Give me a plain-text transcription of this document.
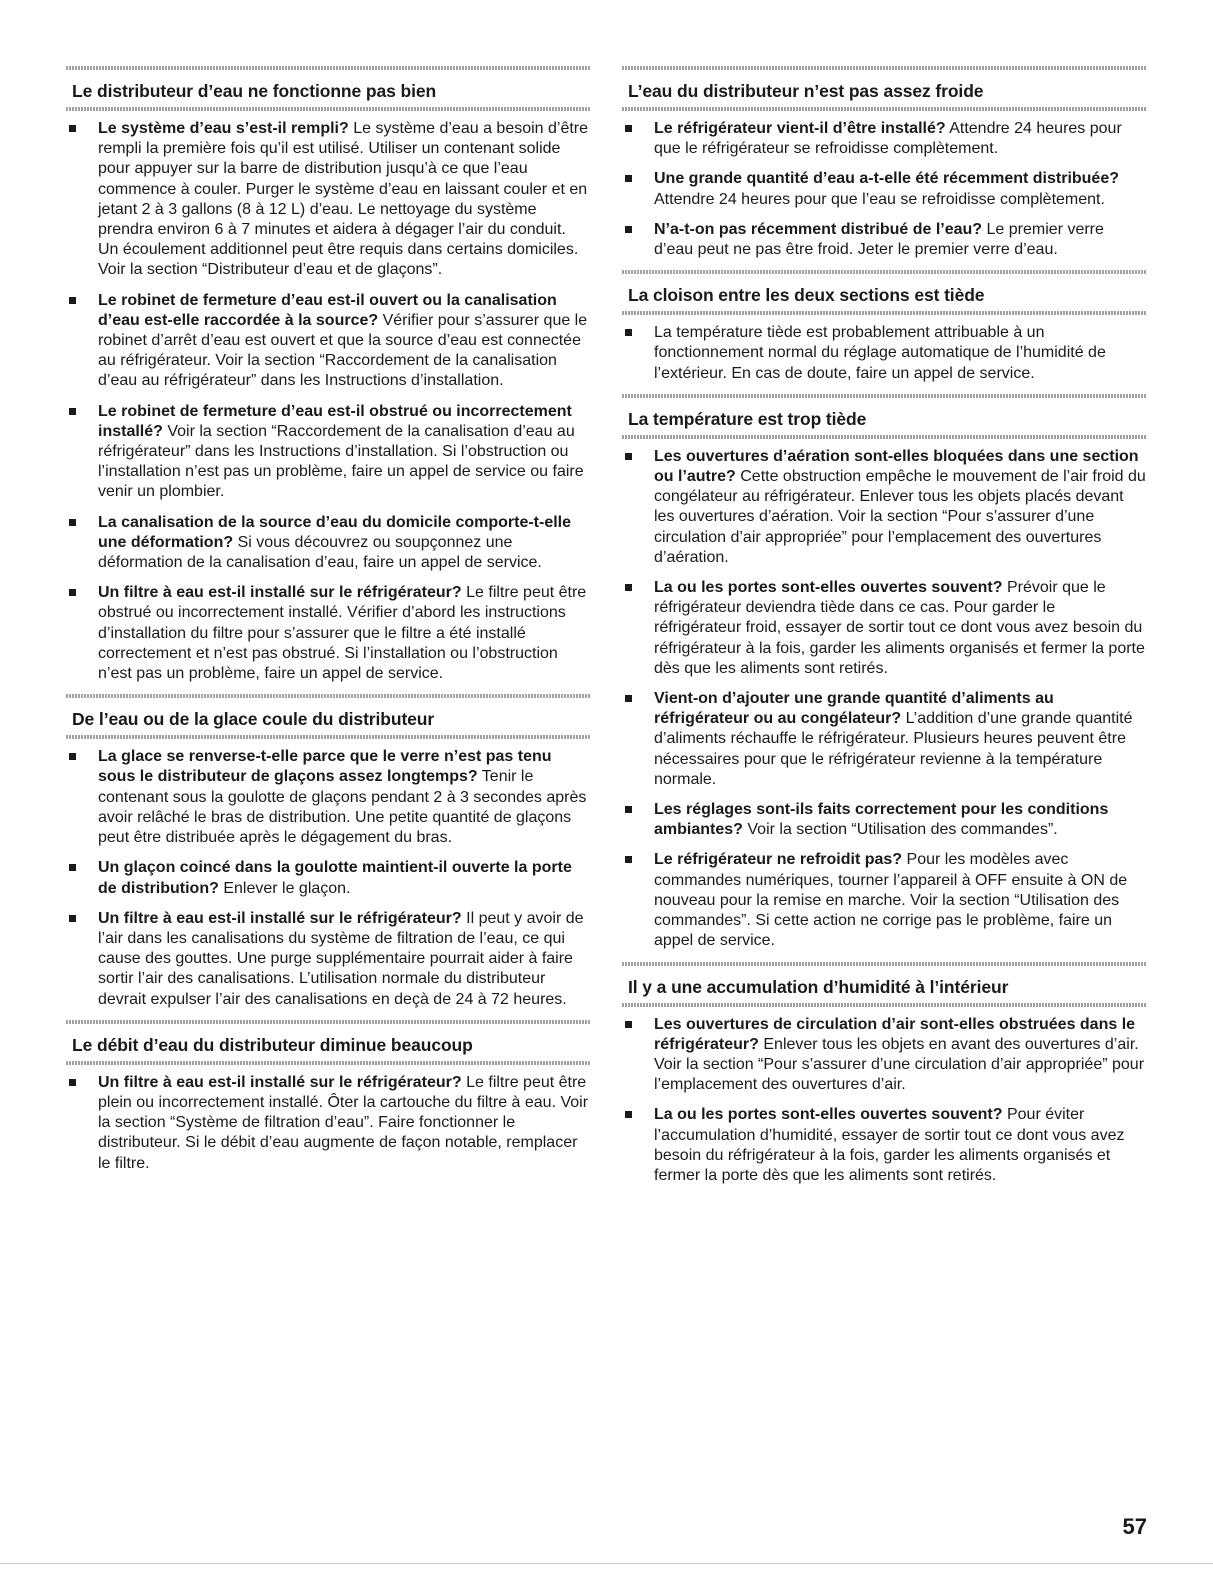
Le distributeur d’eau ne fonctionne pas bien
Le système d’eau s’est-il rempli? Le système d’eau a besoin d’être rempli la première fois qu’il est utilisé. Utiliser un contenant solide pour appuyer sur la barre de distribution jusqu’à ce que l’eau commence à couler. Purger le système d’eau en laissant couler et en jetant 2 à 3 gallons (8 à 12 L) d’eau. Le nettoyage du système prendra environ 6 à 7 minutes et aidera à dégager l’air du conduit. Un écoulement additionnel peut être requis dans certains domiciles. Voir la section “Distributeur d’eau et de glaçons”.
Le robinet de fermeture d’eau est-il ouvert ou la canalisation d’eau est-elle raccordée à la source? Vérifier pour s’assurer que le robinet d’arrêt d’eau est ouvert et que la source d’eau est connectée au réfrigérateur. Voir la section “Raccordement de la canalisation d’eau au réfrigérateur” dans les Instructions d’installation.
Le robinet de fermeture d’eau est-il obstrué ou incorrectement installé? Voir la section “Raccordement de la canalisation d’eau au réfrigérateur” dans les Instructions d’installation. Si l’obstruction ou l’installation n’est pas un problème, faire un appel de service ou faire venir un plombier.
La canalisation de la source d’eau du domicile comporte-t-elle une déformation? Si vous découvrez ou soupçonnez une déformation de la canalisation d’eau, faire un appel de service.
Un filtre à eau est-il installé sur le réfrigérateur? Le filtre peut être obstrué ou incorrectement installé. Vérifier d’abord les instructions d’installation du filtre pour s’assurer que le filtre a été installé correctement et n’est pas obstrué. Si l’installation ou l’obstruction n’est pas un problème, faire un appel de service.
De l’eau ou de la glace coule du distributeur
La glace se renverse-t-elle parce que le verre n’est pas tenu sous le distributeur de glaçons assez longtemps? Tenir le contenant sous la goulotte de glaçons pendant 2 à 3 secondes après avoir relâché le bras de distribution. Une petite quantité de glaçons peut être distribuée après le dégagement du bras.
Un glaçon coincé dans la goulotte maintient-il ouverte la porte de distribution? Enlever le glaçon.
Un filtre à eau est-il installé sur le réfrigérateur? Il peut y avoir de l’air dans les canalisations du système de filtration de l’eau, ce qui cause des gouttes. Une purge supplémentaire pourrait aider à faire sortir l’air des canalisations. L’utilisation normale du distributeur devrait expulser l’air des canalisations en deçà de 24 à 72 heures.
Le débit d’eau du distributeur diminue beaucoup
Un filtre à eau est-il installé sur le réfrigérateur? Le filtre peut être plein ou incorrectement installé. Ôter la cartouche du filtre à eau. Voir la section “Système de filtration d’eau”. Faire fonctionner le distributeur. Si le débit d’eau augmente de façon notable, remplacer le filtre.
L’eau du distributeur n’est pas assez froide
Le réfrigérateur vient-il d’être installé? Attendre 24 heures pour que le réfrigérateur se refroidisse complètement.
Une grande quantité d’eau a-t-elle été récemment distribuée? Attendre 24 heures pour que l’eau se refroidisse complètement.
N’a-t-on pas récemment distribué de l’eau? Le premier verre d’eau peut ne pas être froid. Jeter le premier verre d’eau.
La cloison entre les deux sections est tiède
La température tiède est probablement attribuable à un fonctionnement normal du réglage automatique de l’humidité de l’extérieur. En cas de doute, faire un appel de service.
La température est trop tiède
Les ouvertures d’aération sont-elles bloquées dans une section ou l’autre? Cette obstruction empêche le mouvement de l’air froid du congélateur au réfrigérateur. Enlever tous les objets placés devant les ouvertures d’aération. Voir la section “Pour s’assurer d’une circulation d’air appropriée” pour l’emplacement des ouvertures d’aération.
La ou les portes sont-elles ouvertes souvent? Prévoir que le réfrigérateur deviendra tiède dans ce cas. Pour garder le réfrigérateur froid, essayer de sortir tout ce dont vous avez besoin du réfrigérateur à la fois, garder les aliments organisés et fermer la porte dès que les aliments sont retirés.
Vient-on d’ajouter une grande quantité d’aliments au réfrigérateur ou au congélateur? L’addition d’une grande quantité d’aliments réchauffe le réfrigérateur. Plusieurs heures peuvent être nécessaires pour que le réfrigérateur revienne à la température normale.
Les réglages sont-ils faits correctement pour les conditions ambiantes? Voir la section “Utilisation des commandes”.
Le réfrigérateur ne refroidit pas? Pour les modèles avec commandes numériques, tourner l’appareil à OFF ensuite à ON de nouveau pour la remise en marche. Voir la section “Utilisation des commandes”. Si cette action ne corrige pas le problème, faire un appel de service.
Il y a une accumulation d’humidité à l’intérieur
Les ouvertures de circulation d’air sont-elles obstruées dans le réfrigérateur? Enlever tous les objets en avant des ouvertures d’air. Voir la section “Pour s’assurer d’une circulation d’air appropriée” pour l’emplacement des ouvertures d’air.
La ou les portes sont-elles ouvertes souvent? Pour éviter l’accumulation d’humidité, essayer de sortir tout ce dont vous avez besoin du réfrigérateur à la fois, garder les aliments organisés et fermer la porte dès que les aliments sont retirés.
57
